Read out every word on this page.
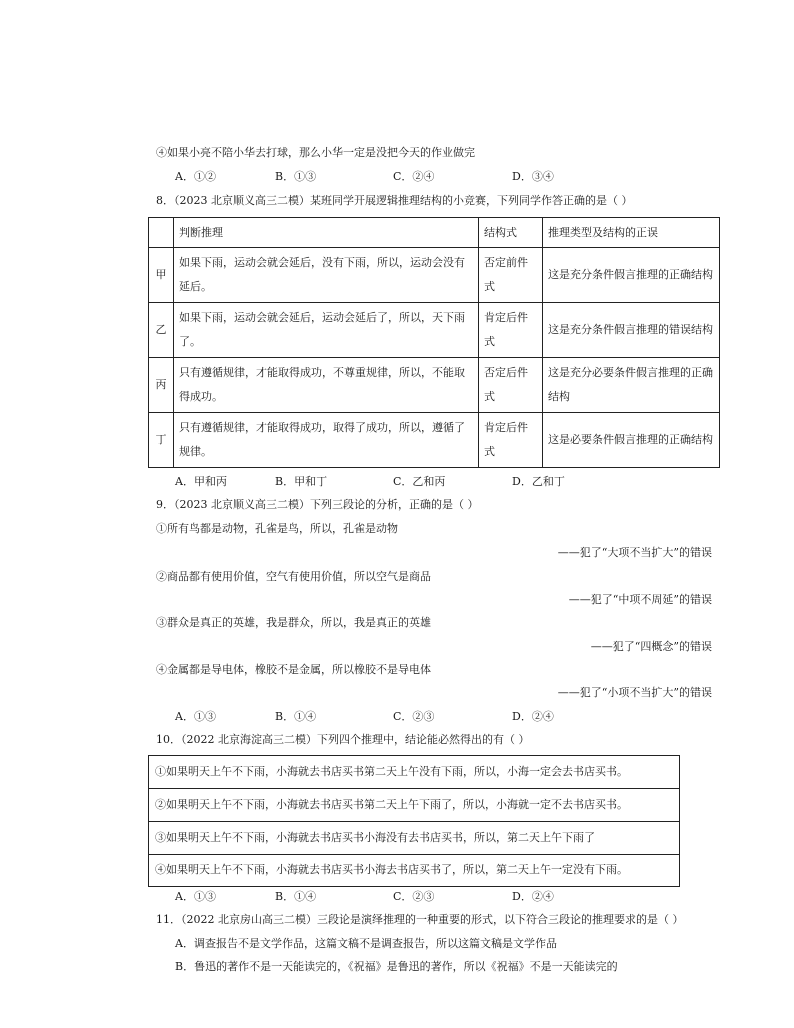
④如果小亮不陪小华去打球，那么小华一定是没把今天的作业做完
A．①②	B．①③	C．②④	D．③④
8．（2023 北京顺义高三二模）某班同学开展逻辑推理结构的小竞赛，下列同学作答正确的是（ ）
	判断推理	结构式	推理类型及结构的正误
甲	如果下雨，运动会就会延后，没有下雨，所以，运动会没有延后。	否定前件式	这是充分条件假言推理的正确结构
乙	如果下雨，运动会就会延后，运动会延后了，所以，天下雨了。	肯定后件式	这是充分条件假言推理的错误结构
丙	只有遵循规律，才能取得成功，不尊重规律，所以，不能取得成功。	否定后件式	这是充分必要条件假言推理的正确结构
丁	只有遵循规律，才能取得成功，取得了成功，所以，遵循了规律。	肯定后件式	这是必要条件假言推理的正确结构
A．甲和丙	B．甲和丁	C．乙和丙	D．乙和丁
9．（2023 北京顺义高三二模）下列三段论的分析，正确的是（ ）
①所有鸟都是动物，孔雀是鸟，所以，孔雀是动物
——犯了“大项不当扩大”的错误
②商品都有使用价值，空气有使用价值，所以空气是商品
——犯了“中项不周延”的错误
③群众是真正的英雄，我是群众，所以，我是真正的英雄
——犯了“四概念”的错误
④金属都是导电体，橡胶不是金属，所以橡胶不是导电体
——犯了“小项不当扩大”的错误
A．①③	B．①④	C．②③	D．②④
10．（2022 北京海淀高三二模）下列四个推理中，结论能必然得出的有（ ）
①如果明天上午不下雨，小海就去书店买书第二天上午没有下雨，所以，小海一定会去书店买书。
②如果明天上午不下雨，小海就去书店买书第二天上午下雨了，所以，小海就一定不去书店买书。
③如果明天上午不下雨，小海就去书店买书小海没有去书店买书，所以，第二天上午下雨了
④如果明天上午不下雨，小海就去书店买书小海去书店买书了，所以，第二天上午一定没有下雨。
A．①③	B．①④	C．②③	D．②④
11．（2022 北京房山高三二模）三段论是演绎推理的一种重要的形式，以下符合三段论的推理要求的是（ ）
A．调查报告不是文学作品，这篇文稿不是调查报告，所以这篇文稿是文学作品
B．鲁迅的著作不是一天能读完的，《祝福》是鲁迅的著作，所以《祝福》不是一天能读完的
